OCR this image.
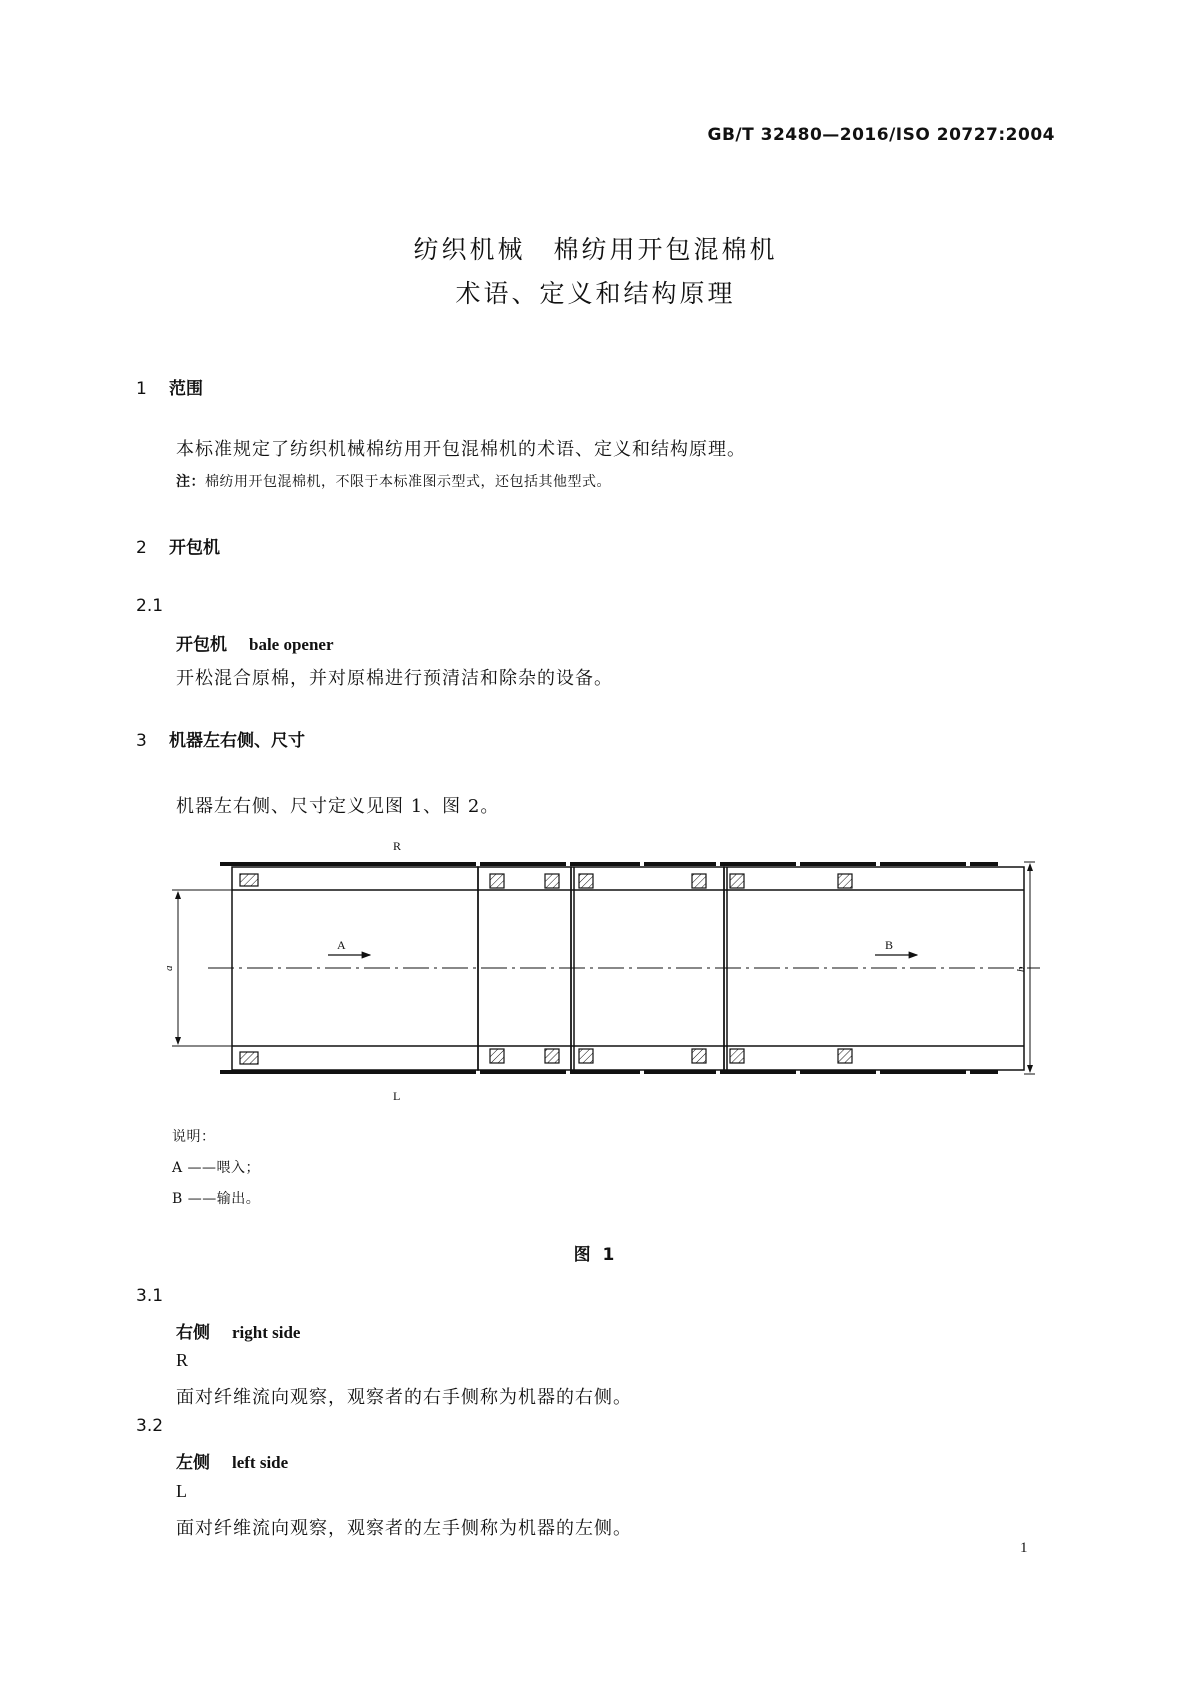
GB/T 32480—2016/ISO 20727:2004
纺织机械　棉纺用开包混棉机
术语、定义和结构原理
1 范围
本标准规定了纺织机械棉纺用开包混棉机的术语、定义和结构原理。
注：棉纺用开包混棉机，不限于本标准图示型式，还包括其他型式。
2 开包机
2.1
开包机 bale opener
开松混合原棉，并对原棉进行预清洁和除杂的设备。
3 机器左右侧、尺寸
机器左右侧、尺寸定义见图 1、图 2。
R
L
A	B
a	b
说明：
A ——喂入；
B ——输出。
图 1
3.1
右侧 right side
R
面对纤维流向观察，观察者的右手侧称为机器的右侧。
3.2
左侧 left side
L
面对纤维流向观察，观察者的左手侧称为机器的左侧。
1
